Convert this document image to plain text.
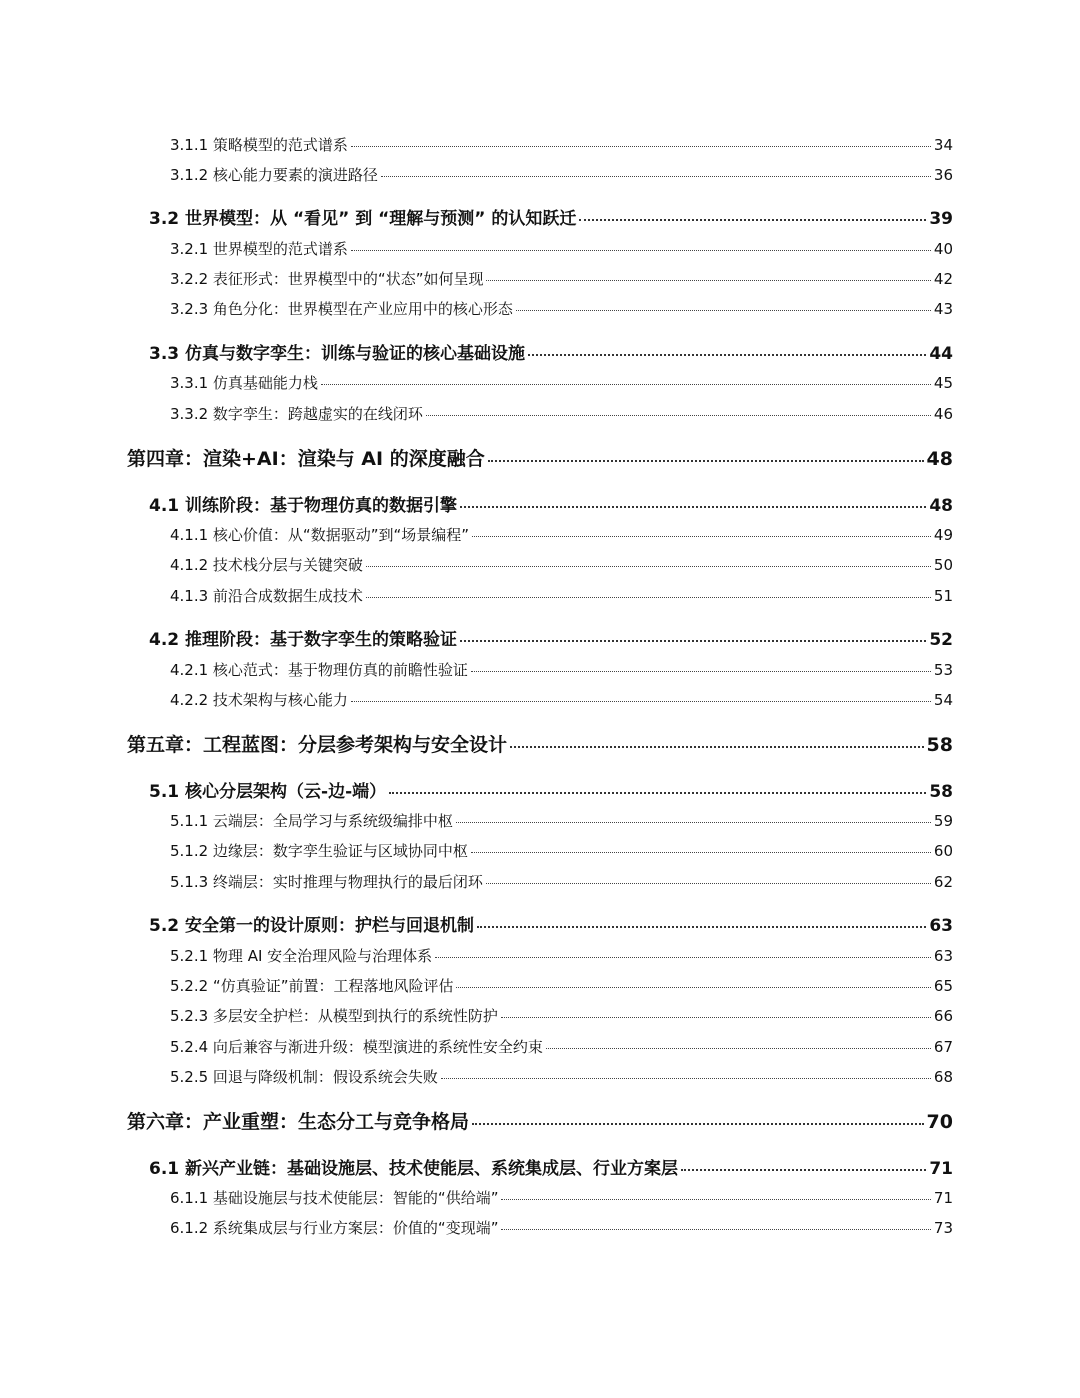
3.1.1 策略模型的范式谱系	34
3.1.2 核心能力要素的演进路径	36
3.2 世界模型：从 “看见” 到 “理解与预测” 的认知跃迁	39
3.2.1 世界模型的范式谱系	40
3.2.2 表征形式：世界模型中的“状态”如何呈现	42
3.2.3 角色分化：世界模型在产业应用中的核心形态	43
3.3 仿真与数字孪生：训练与验证的核心基础设施	44
3.3.1 仿真基础能力栈	45
3.3.2 数字孪生：跨越虚实的在线闭环	46
第四章：渲染+AI：渲染与 AI 的深度融合	48
4.1 训练阶段：基于物理仿真的数据引擎	48
4.1.1 核心价值：从“数据驱动”到“场景编程”	49
4.1.2 技术栈分层与关键突破	50
4.1.3 前沿合成数据生成技术	51
4.2 推理阶段：基于数字孪生的策略验证	52
4.2.1 核心范式：基于物理仿真的前瞻性验证	53
4.2.2 技术架构与核心能力	54
第五章：工程蓝图：分层参考架构与安全设计	58
5.1 核心分层架构（云-边-端）	58
5.1.1 云端层：全局学习与系统级编排中枢	59
5.1.2 边缘层：数字孪生验证与区域协同中枢	60
5.1.3 终端层：实时推理与物理执行的最后闭环	62
5.2 安全第一的设计原则：护栏与回退机制	63
5.2.1 物理 AI 安全治理风险与治理体系	63
5.2.2 “仿真验证”前置：工程落地风险评估	65
5.2.3 多层安全护栏：从模型到执行的系统性防护	66
5.2.4 向后兼容与渐进升级：模型演进的系统性安全约束	67
5.2.5 回退与降级机制：假设系统会失败	68
第六章：产业重塑：生态分工与竞争格局	70
6.1 新兴产业链：基础设施层、技术使能层、系统集成层、行业方案层	71
6.1.1 基础设施层与技术使能层：智能的“供给端”	71
6.1.2 系统集成层与行业方案层：价值的“变现端”	73
